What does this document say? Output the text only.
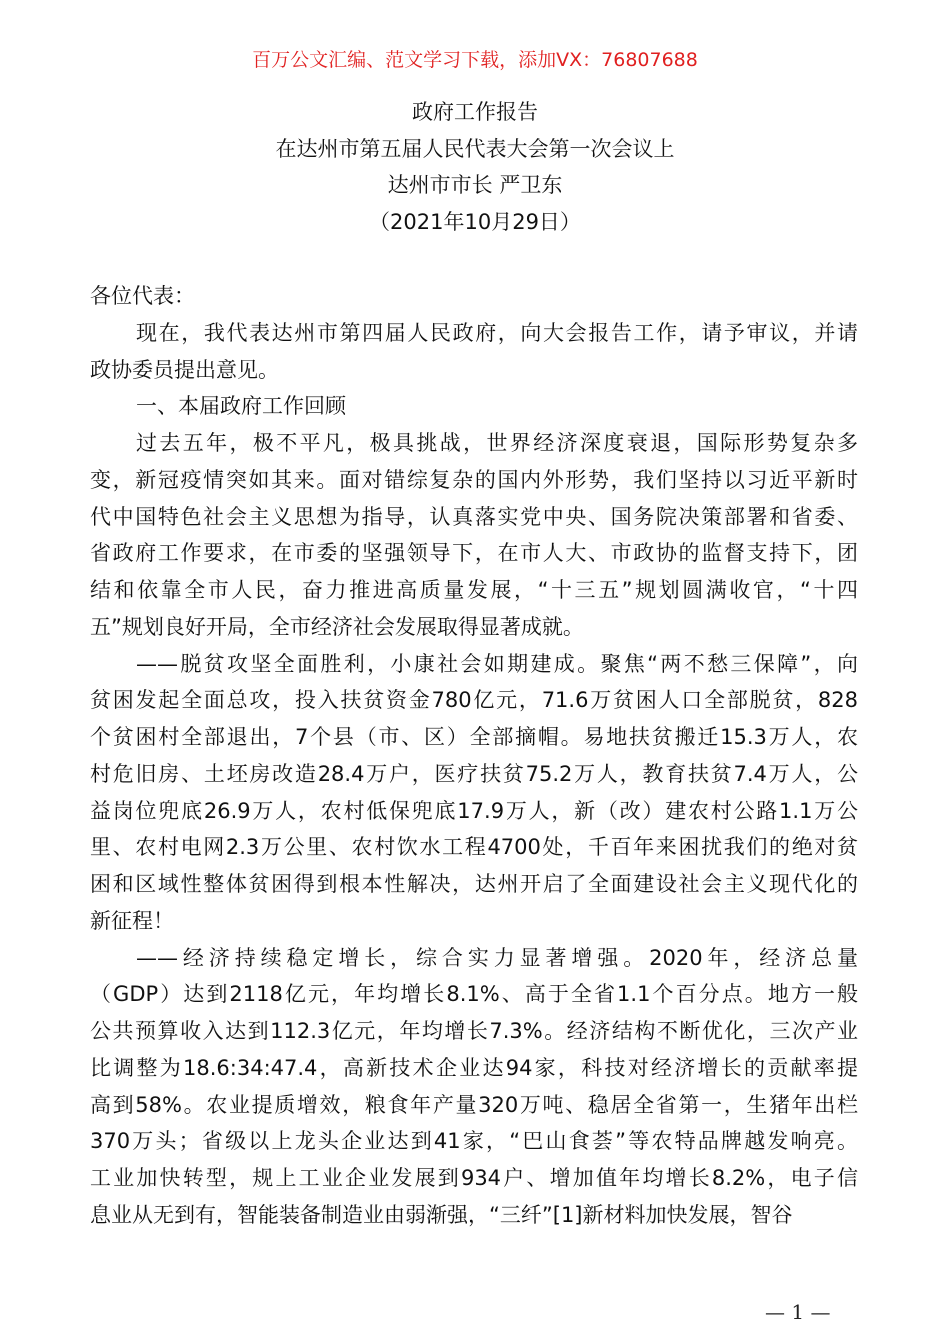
百万公文汇编、范文学习下载，添加VX：76807688
政府工作报告
在达州市第五届人民代表大会第一次会议上
达州市市长 严卫东
（2021年10月29日）
各位代表：
现在，我代表达州市第四届人民政府，向大会报告工作，请予审议，并请
政协委员提出意见。
一、本届政府工作回顾
过去五年，极不平凡，极具挑战，世界经济深度衰退，国际形势复杂多
变，新冠疫情突如其来。面对错综复杂的国内外形势，我们坚持以习近平新时
代中国特色社会主义思想为指导，认真落实党中央、国务院决策部署和省委、
省政府工作要求，在市委的坚强领导下，在市人大、市政协的监督支持下，团
结和依靠全市人民，奋力推进高质量发展，“十三五”规划圆满收官，“十四
五”规划良好开局，全市经济社会发展取得显著成就。
——脱贫攻坚全面胜利，小康社会如期建成。聚焦“两不愁三保障”，向
贫困发起全面总攻，投入扶贫资金780亿元，71.6万贫困人口全部脱贫，828
个贫困村全部退出，7个县（市、区）全部摘帽。易地扶贫搬迁15.3万人，农
村危旧房、土坯房改造28.4万户，医疗扶贫75.2万人，教育扶贫7.4万人，公
益岗位兜底26.9万人，农村低保兜底17.9万人，新（改）建农村公路1.1万公
里、农村电网2.3万公里、农村饮水工程4700处，千百年来困扰我们的绝对贫
困和区域性整体贫困得到根本性解决，达州开启了全面建设社会主义现代化的
新征程！
——经济持续稳定增长，综合实力显著增强。2020年，经济总量
（GDP）达到2118亿元，年均增长8.1%、高于全省1.1个百分点。地方一般
公共预算收入达到112.3亿元，年均增长7.3%。经济结构不断优化，三次产业
比调整为18.6:34:47.4，高新技术企业达94家，科技对经济增长的贡献率提
高到58%。农业提质增效，粮食年产量320万吨、稳居全省第一，生猪年出栏
370万头；省级以上龙头企业达到41家，“巴山食荟”等农特品牌越发响亮。
工业加快转型，规上工业企业发展到934户、增加值年均增长8.2%，电子信
息业从无到有，智能装备制造业由弱渐强，“三纤”[1]新材料加快发展，智谷
— 1 —
